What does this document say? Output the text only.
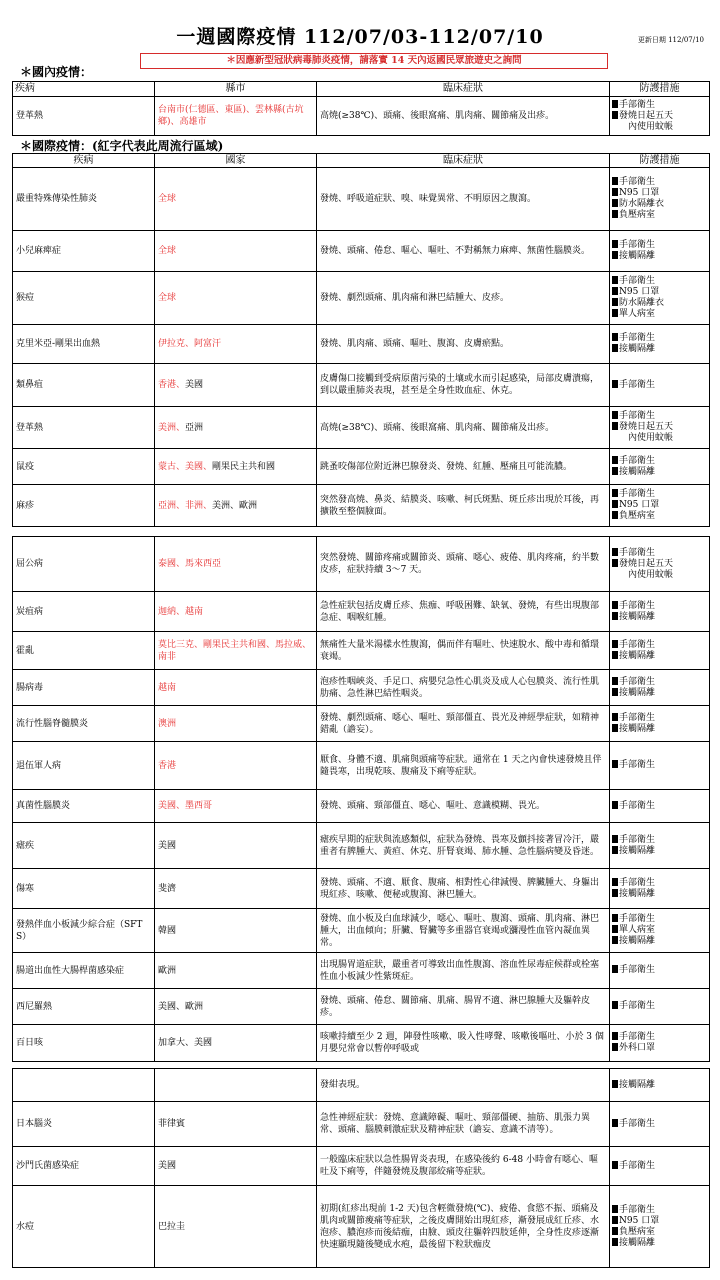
一週國際疫情 112/07/03-112/07/10	更新日期 112/07/10
＊國內疫情：
＊因應新型冠狀病毒肺炎疫情，請落實 14 天內返國民眾旅遊史之詢問
疾病	縣市	臨床症狀	防護措施
登革熱	台南市(仁德區、東區)、雲林縣(古坑鄉)、高雄市	高燒(≥38℃)、頭痛、後眼窩痛、肌肉痛、關節痛及出疹。	手部衛生
發燒日起五天
內使用蚊帳
＊國際疫情：(紅字代表此周流行區域)
疾病	國家	臨床症狀	防護措施
嚴重特殊傳染性肺炎	全球	發燒、呼吸道症狀、嗅、味覺異常、不明原因之腹瀉。	手部衛生
N95 口罩
防水隔離衣
負壓病室

小兒麻痺症	全球	發燒、頭痛、倦怠、嘔心、嘔吐、不對稱無力麻痺、無菌性腦膜炎。	手部衛生
接觸隔離

猴痘	全球	發燒、劇烈頭痛、肌肉痛和淋巴結腫大、皮疹。	手部衛生
N95 口罩
防水隔離衣
單人病室

克里米亞-剛果出血熱	伊拉克、阿富汗	發燒、肌肉痛、頭痛、嘔吐、腹瀉、皮膚瘀點。	手部衛生
接觸隔離

類鼻疽	香港、美國	皮膚傷口接觸到受病原菌污染的土壤或水而引起感染，局部皮膚潰瘍，到以嚴重肺炎表現，甚至是全身性敗血症、休克。	手部衛生

登革熱	美洲、亞洲	高燒(≥38℃)、頭痛、後眼窩痛、肌肉痛、關節痛及出疹。	手部衛生
發燒日起五天
內使用蚊帳

鼠疫	蒙古、美國、剛果民主共和國	跳蚤咬傷部位附近淋巴腺發炎、發燒、紅腫、壓痛且可能流膿。	手部衛生
接觸隔離

麻疹	亞洲、非洲、美洲、歐洲	突然發高燒、鼻炎、結膜炎、咳嗽、柯氏斑點、斑丘疹出現於耳後，再擴散至整個臉面。	手部衛生
N95 口罩
負壓病室
屈公病	泰國、馬來西亞	突然發燒、關節疼痛或關節炎、頭痛、噁心、疲倦、肌肉疼痛，約半數皮疹，症狀持續 3～7 天。	手部衛生
發燒日起五天
內使用蚊帳

炭疽病	迦納、越南	急性症狀包括皮膚丘疹、焦痂、呼吸困難、缺氧、發燒，有些出現腹部急症、咽喉紅腫。	手部衛生
接觸隔離

霍亂	莫比三克、剛果民主共和國、馬拉威、南非	無痛性大量米湯樣水性腹瀉，偶而伴有嘔吐、快速脫水、酸中毒和循環衰竭。	手部衛生
接觸隔離

腸病毒	越南	泡疹性咽峽炎、手足口、病嬰兒急性心肌炎及成人心包膜炎、流行性肌肋痛、急性淋巴結性咽炎。	手部衛生
接觸隔離

流行性腦脊髓膜炎	澳洲	發燒、劇烈頭痛、噁心、嘔吐、頸部僵直、畏光及神經學症狀，如精神錯亂（譫妄）。	手部衛生
接觸隔離

退伍軍人病	香港	厭食、身體不適、肌痛與頭痛等症狀。通常在 1 天之內會快速發燒且伴隨畏寒，出現乾咳、腹痛及下痢等症狀。	手部衛生

真菌性腦膜炎	美國、墨西哥	發燒、頭痛、頸部僵直、噁心、嘔吐、意識模糊、畏光。	手部衛生

瘧疾	美國	瘧疾早期的症狀與流感類似，症狀為發燒、畏寒及顫抖接著冒冷汗，嚴重者有脾腫大、黃疸、休克、肝腎衰竭、肺水腫、急性腦病變及昏迷。	手部衛生
接觸隔離

傷寒	斐濟	發燒、頭痛、不適、厭食、腹痛、相對性心律減慢、脾臟腫大、身軀出現紅疹、咳嗽、便秘或腹瀉、淋巴腫大。	手部衛生
接觸隔離

發熱伴血小板減少綜合症（SFTS）	韓國	發燒、血小板及白血球減少，噁心、嘔吐、腹瀉、頭痛、肌肉痛、淋巴腫大，出血傾向；肝臟、腎臟等多重器官衰竭或瀰漫性血管內凝血異常。	手部衛生
單人病室
接觸隔離

腸道出血性大腸桿菌感染症	歐洲	出現腸胃道症狀，嚴重者可導致出血性腹瀉、溶血性尿毒症候群或栓塞性血小板減少性紫斑症。	手部衛生

西尼羅熱	美國、歐洲	發燒、頭痛、倦怠、關節痛、肌痛、腸胃不適、淋巴腺腫大及軀幹皮疹。	手部衛生

百日咳	加拿大、美國	咳嗽持續至少 2 週，陣發性咳嗽、吸入性哮聲、咳嗽後嘔吐、小於 3 個月嬰兒常會以暫停呼吸或	手部衛生
外科口罩
		發紺表現。	接觸隔離

日本腦炎	菲律賓	急性神經症狀：發燒、意識障礙、嘔吐、頸部僵硬、抽筋、肌張力異常、頭痛、腦膜刺激症狀及精神症狀（譫妄、意識不清等）。	手部衛生

沙門氏菌感染症	美國	一般臨床症狀以急性腸胃炎表現，在感染後約 6-48 小時會有噁心、嘔吐及下痢等，伴隨發燒及腹部絞痛等症狀。	手部衛生

水痘	巴拉圭	初期(紅疹出現前 1-2 天)包含輕微發燒(℃)、疲倦、食慾不振、頭痛及肌肉或關節痠痛等症狀，之後皮膚開始出現紅疹，漸發展成紅丘疹、水泡疹、膿泡疹而後結痂，由臉、頭皮往軀幹四肢延伸，全身性皮疹逐漸快速顯現隨後變成水疱，最後留下粒狀痂皮	手部衛生
N95 口罩
負壓病室
接觸隔離
